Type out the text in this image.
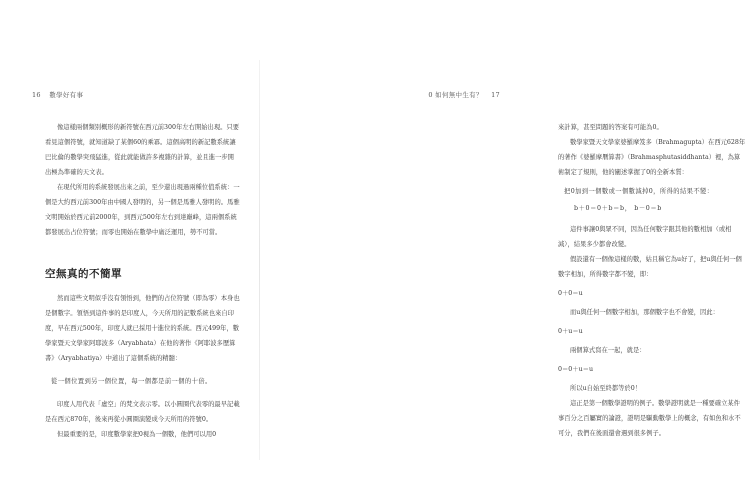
16 數學好有事

像這樣兩個類別概形的新符號在西元前300年左右開始出現。只要看見這個符號，就知道缺了某個60的乘冪。這個高明的新記數系統讓巴比倫的數學突飛猛進，從此就能做許多複雜的計算，並且進一步開出極為準確的天文表。

在現代所用的系統發展出來之前，至少還出現過兩種位值系統：一個是大約西元前300年由中國人發明的，另一個是馬雅人發明的。馬雅文明開始於西元前2000年，到西元500年左右到達巔峰，這兩個系統都發展出占位符號；而零也開始在數學中廣泛運用，勢不可當。

空無真的不簡單

然而這些文明似乎沒有領悟到，他們的占位符號（即為零）本身也是個數字。領悟到這件事的是印度人，今天所用的記數系統也來自印度，早在西元500年，印度人就已採用十進位的系統。西元499年，數學家暨天文學家阿耶波多（Aryabhata）在他的著作《阿耶波多歷算書》（Aryabhatiya）中道出了這個系統的精髓：

從一個位置到另一個位置，每一個都是前一個的十倍。

印度人用代表「虛空」的梵文表示零。以小圓圈代表零的最早記載是在西元870年，後來再從小圓圈演變成今天所用的符號0。

但最重要的是，印度數學家把0視為一個數，他們可以用0

0 如何無中生有？ 17

來計算，甚至問題的答案有可能為0。

數學家暨天文學家婆羅摩笈多（Brahmagupta）在西元628年的著作《婆羅摩曆算書》（Brahmasphutasiddhanta）裡，為算術制定了規則，他的闡述掌握了0的全新本質：

把0加到一個數或一個數減掉0，所得的結果不變：

b＋0＝0＋b＝b， b－0＝b

這件事讓0與眾不同，因為任何數字跟其他的數相加（或相減），結果多少都會改變。

假設還有一個像這樣的數，姑且稱它為u好了，把u與任何一個數字相加，所得數字都不變，即：

0＋0＝u

而u與任何一個數字相加，那個數字也不會變，因此：

0＋u＝u

兩個算式寫在一起，就是：

0＝0＋u＝u

所以u自始至終都等於0！

這正是第一個數學證明的例子。數學證明就是一種要確立某件事百分之百屬實的論證，證明是驅動數學上的概念，有如魚和水不可分，我們在後面還會遇到很多例子。
